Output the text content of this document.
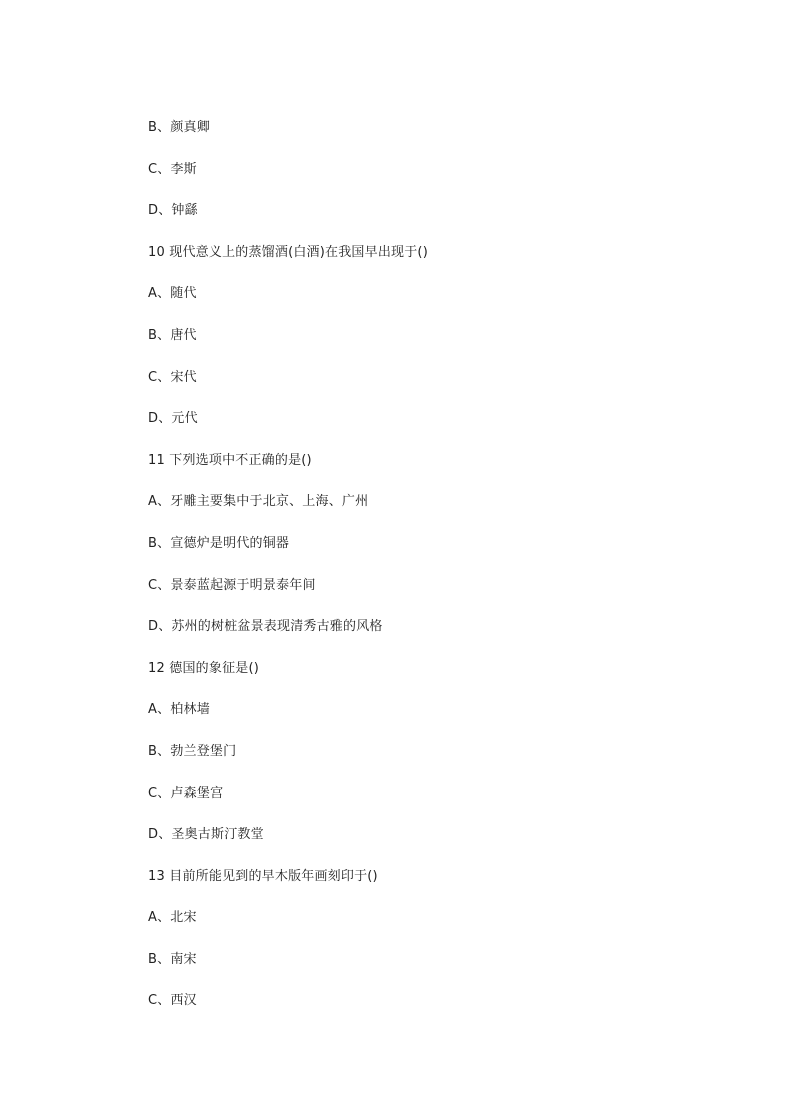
B、颜真卿
C、李斯
D、钟繇
10 现代意义上的蒸馏酒(白酒)在我国早出现于()
A、随代
B、唐代
C、宋代
D、元代
11 下列选项中不正确的是()
A、牙雕主要集中于北京、上海、广州
B、宣德炉是明代的铜器
C、景泰蓝起源于明景泰年间
D、苏州的树桩盆景表现清秀古雅的风格
12 德国的象征是()
A、柏林墙
B、勃兰登堡门
C、卢森堡宫
D、圣奥古斯汀教堂
13 目前所能见到的早木版年画刻印于()
A、北宋
B、南宋
C、西汉
